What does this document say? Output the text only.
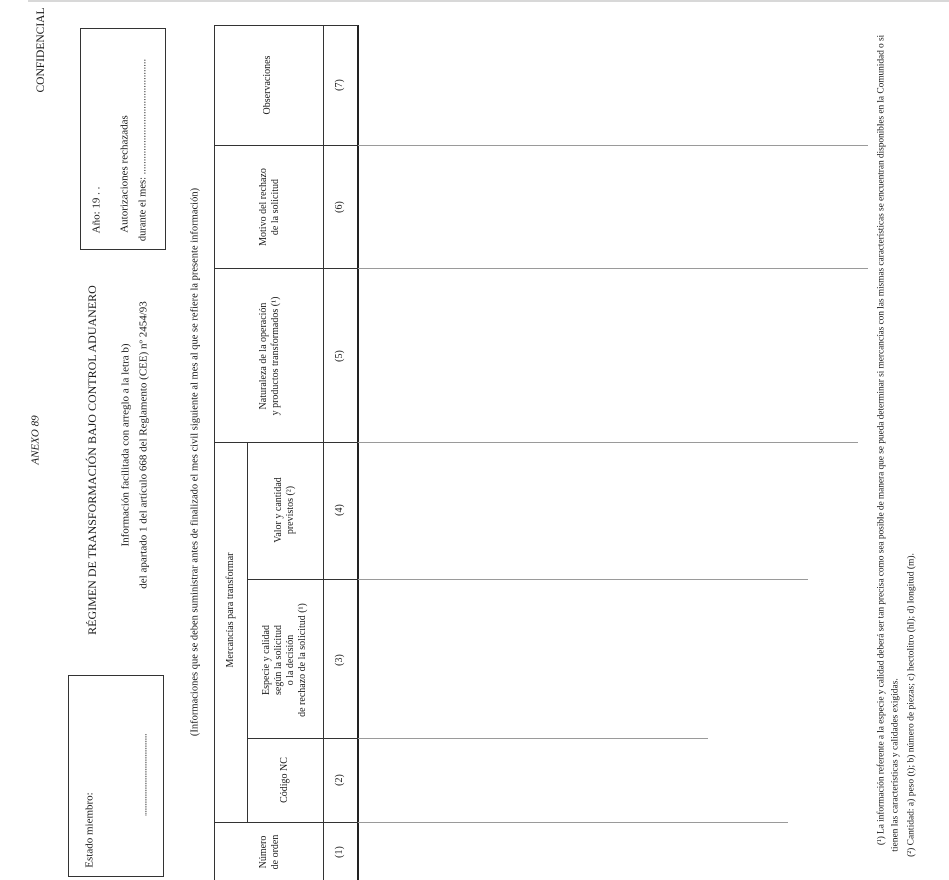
ANEXO 89
CONFIDENCIAL
RÉGIMEN DE TRANSFORMACIÓN BAJO CONTROL ADUANERO Información facilitada con arreglo a la letra b) del apartado 1 del artículo 668 del Reglamento (CEE) nº 2454/93
Estado miembro:
...............................................
Año: 19 . . Autorizaciones rechazadas durante el mes: ............................................
(Informaciones que se deben suministrar antes de finalizado el mes civil siguiente al mes al que se refiere la presente información) Mercancías para transformar
Número
de orden
Código NC
Especie y calidad
según la solicitud
o la decisión
de rechazo de la solicitud (¹)
Valor y cantidad
previstos (²)
Naturaleza de la operación
y productos transformados (¹)
Motivo del rechazo
de la solicitud
Observaciones
(1)
(2)
(3)
(4)
(5)
(6)
(7)	(¹) La información referente a la especie y calidad deberá ser tan precisa como sea posible de manera que se pueda determinar si mercancías con las mismas características se encuentran disponibles en la Comunidad o si tienen las características y calidades exigidas. (²) Cantidad: a) peso (t); b) número de piezas; c) hectolitro (hl); d) longitud (m).
